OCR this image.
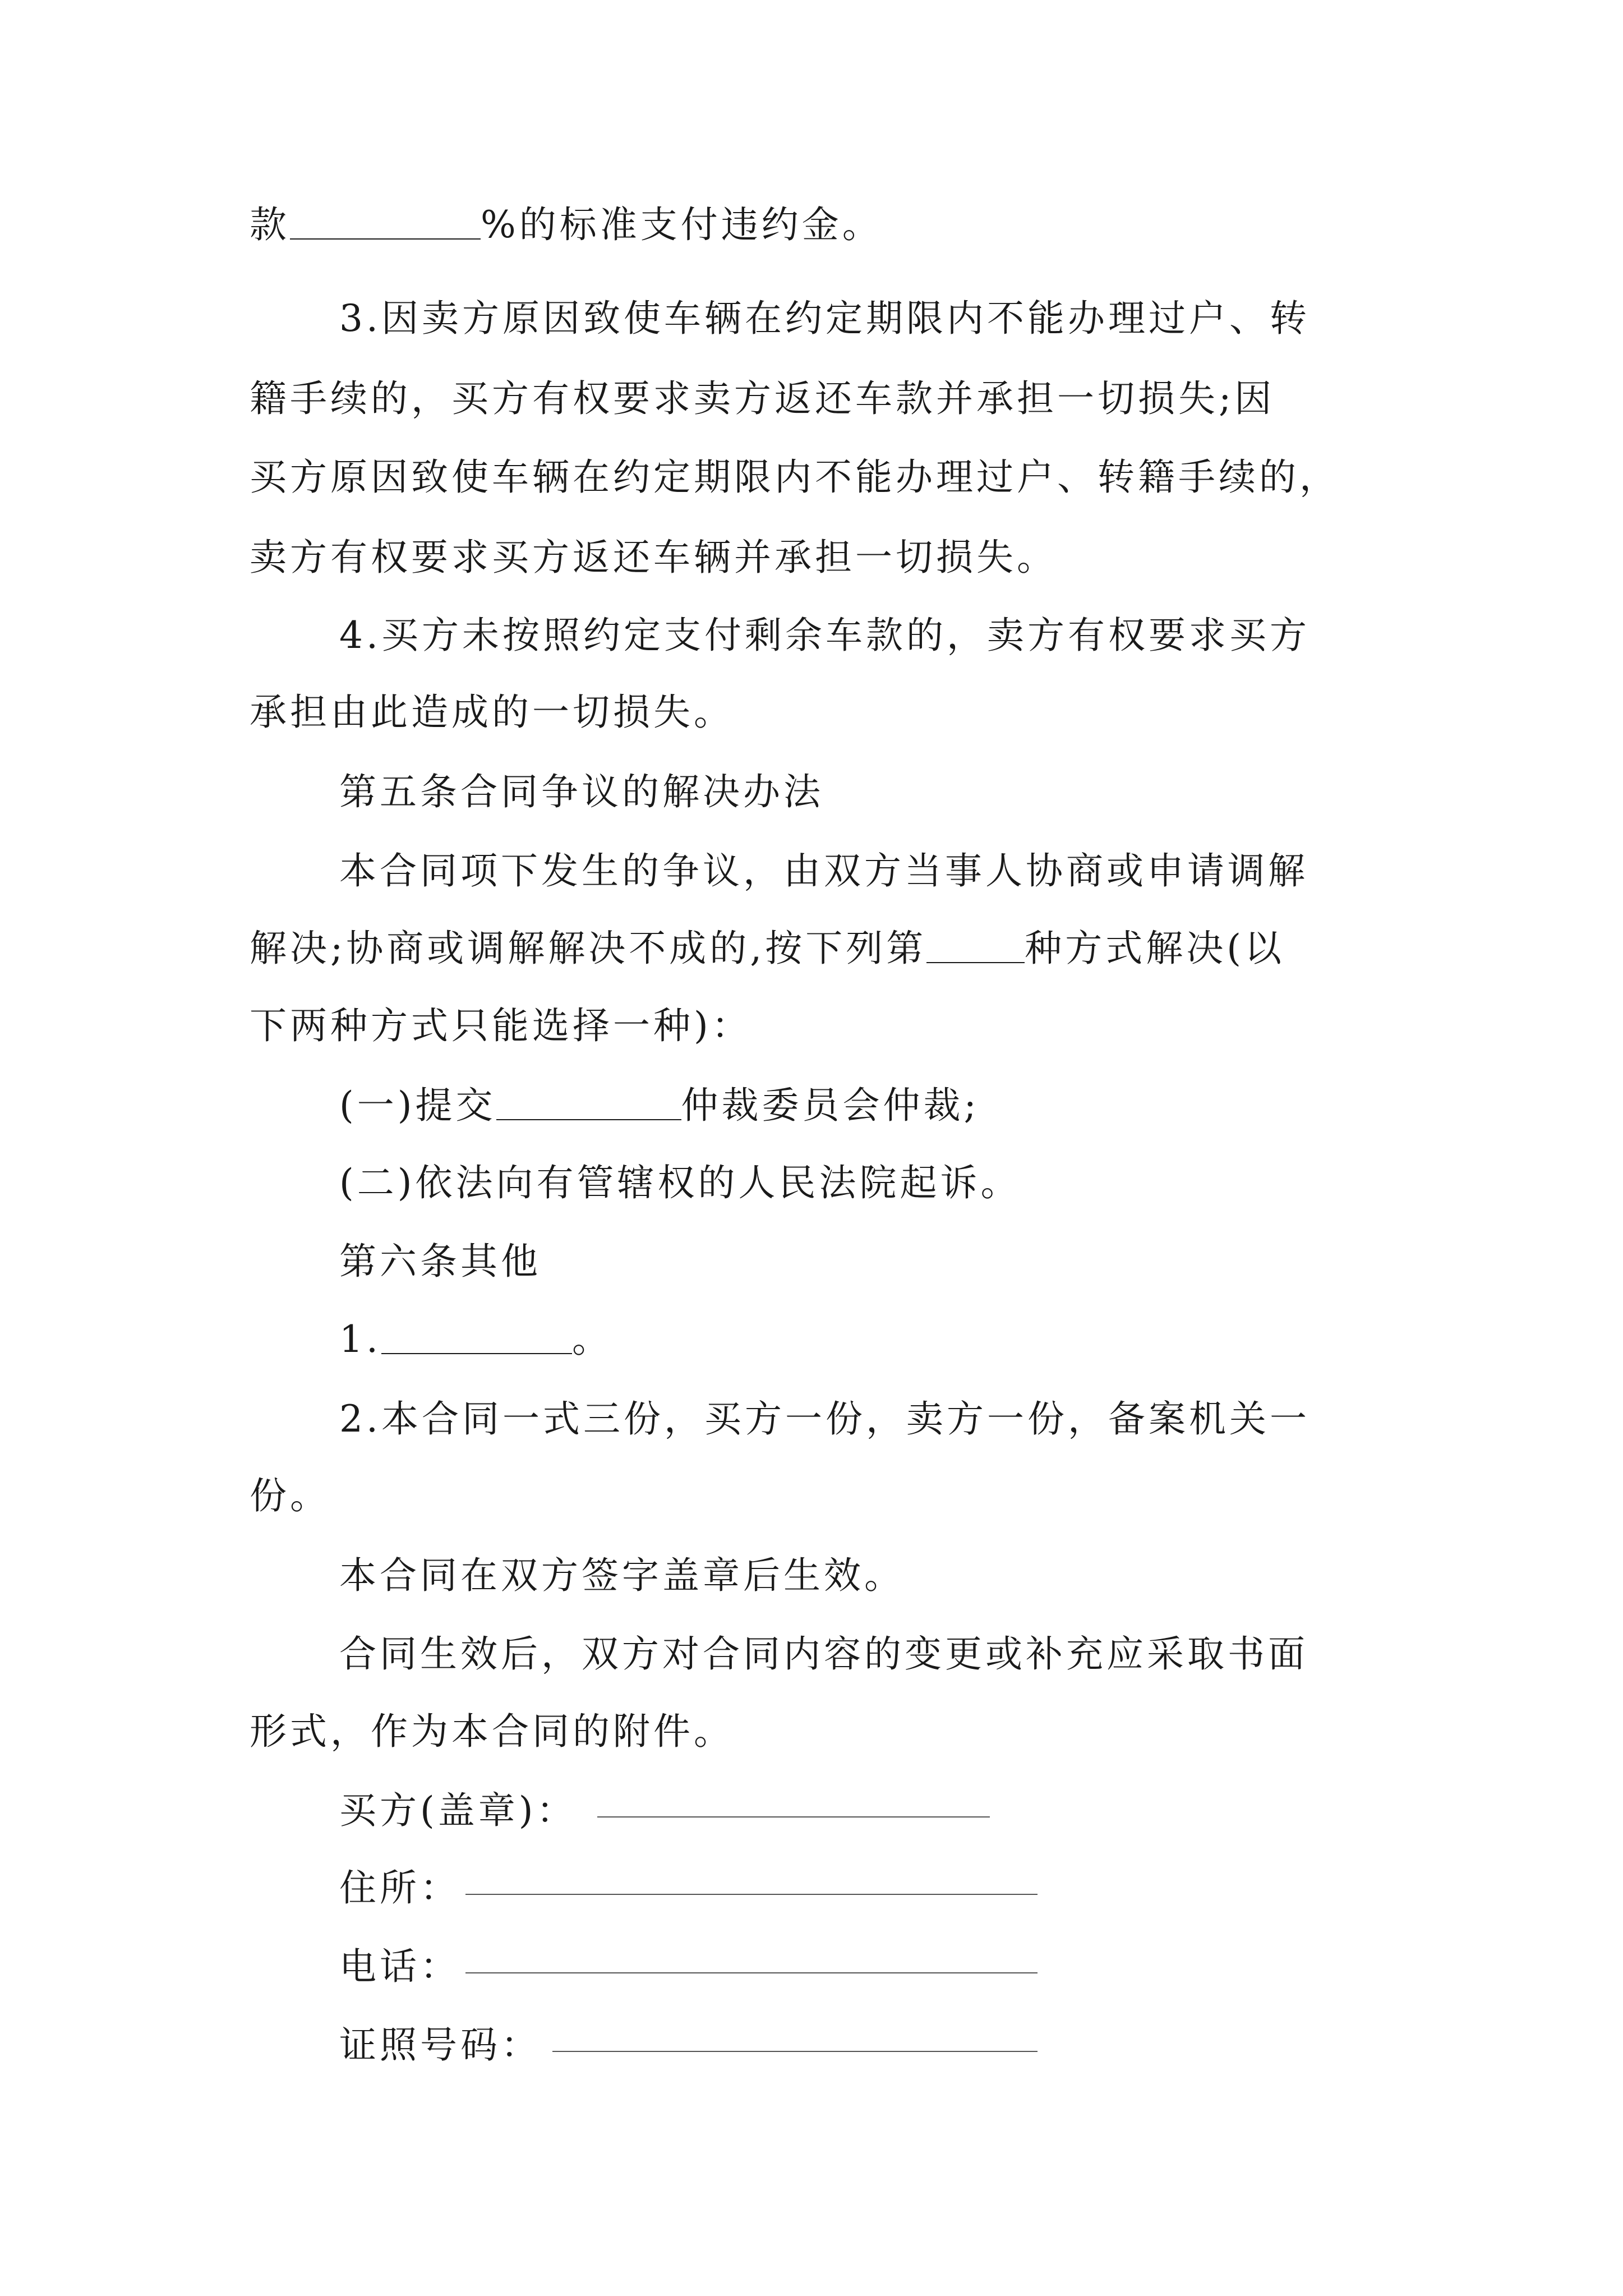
款	%的标准支付违约金。
3.因卖方原因致使车辆在约定期限内不能办理过户、转
籍手续的，买方有权要求卖方返还车款并承担一切损失;因
买方原因致使车辆在约定期限内不能办理过户、转籍手续的，
卖方有权要求买方返还车辆并承担一切损失。
4.买方未按照约定支付剩余车款的，卖方有权要求买方
承担由此造成的一切损失。
第五条合同争议的解决办法
本合同项下发生的争议，由双方当事人协商或申请调解
解决;协商或调解解决不成的,按下列第	种方式解决(以
下两种方式只能选择一种)：
(一)提交	仲裁委员会仲裁;
(二)依法向有管辖权的人民法院起诉。
第六条其他
1.	。
2.本合同一式三份，买方一份，卖方一份，备案机关一
份。
本合同在双方签字盖章后生效。
合同生效后，双方对合同内容的变更或补充应采取书面
形式，作为本合同的附件。
买方(盖章)：
住所：
电话：
证照号码：
